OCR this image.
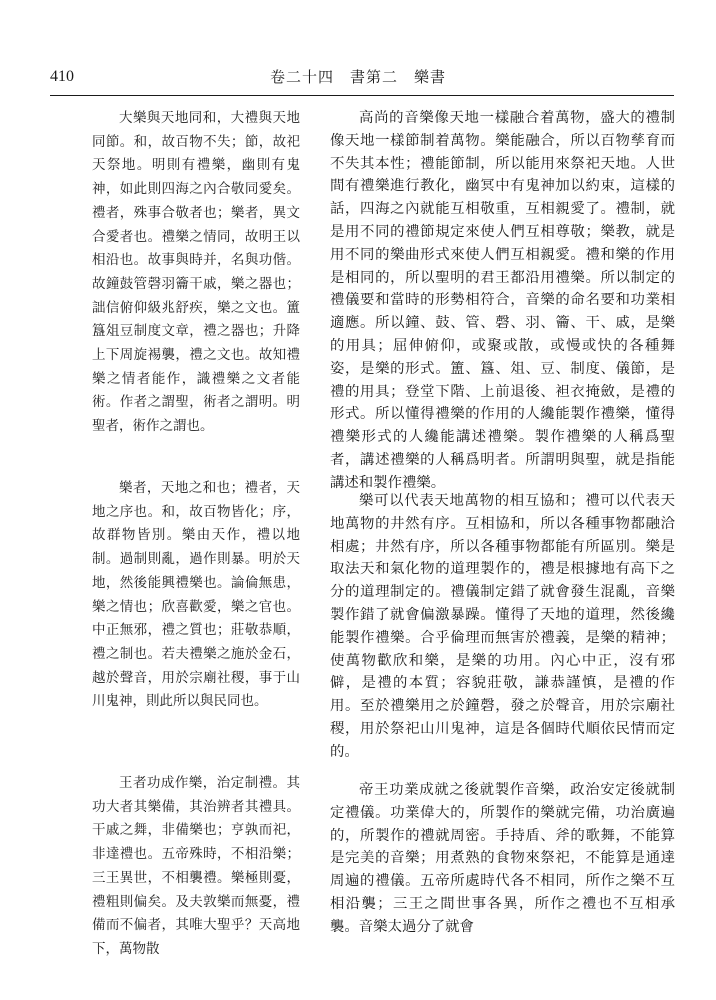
410	卷二十四　書第二　樂書

大樂與天地同和，大禮與天地同節。和，故百物不失；節，故祀天祭地。明則有禮樂，幽則有鬼神，如此則四海之內合敬同愛矣。禮者，殊事合敬者也；樂者，異文合愛者也。禮樂之情同，故明王以相沿也。故事與時并，名與功偕。故鐘鼓管磬羽籥干戚，樂之器也；詘信俯仰級兆舒疾，樂之文也。簠簋俎豆制度文章，禮之器也；升降上下周旋裼襲，禮之文也。故知禮樂之情者能作，識禮樂之文者能術。作者之謂聖，術者之謂明。明聖者，術作之謂也。

高尚的音樂像天地一樣融合着萬物，盛大的禮制像天地一樣節制着萬物。樂能融合，所以百物孳育而不失其本性；禮能節制，所以能用來祭祀天地。人世間有禮樂進行教化，幽冥中有鬼神加以約束，這樣的話，四海之內就能互相敬重，互相親愛了。禮制，就是用不同的禮節規定來使人們互相尊敬；樂教，就是用不同的樂曲形式來使人們互相親愛。禮和樂的作用是相同的，所以聖明的君王都沿用禮樂。所以制定的禮儀要和當時的形勢相符合，音樂的命名要和功業相適應。所以鐘、鼓、管、磬、羽、籥、干、戚，是樂的用具；屈伸俯仰，或聚或散，或慢或快的各種舞姿，是樂的形式。簠、簋、俎、豆、制度、儀節，是禮的用具；登堂下階、上前退後、袒衣掩斂，是禮的形式。所以懂得禮樂的作用的人纔能製作禮樂，懂得禮樂形式的人纔能講述禮樂。製作禮樂的人稱爲聖者，講述禮樂的人稱爲明者。所謂明與聖，就是指能講述和製作禮樂。

樂者，天地之和也；禮者，天地之序也。和，故百物皆化；序，故群物皆別。樂由天作，禮以地制。過制則亂，過作則暴。明於天地，然後能興禮樂也。論倫無患，樂之情也；欣喜歡愛，樂之官也。中正無邪，禮之質也；莊敬恭順，禮之制也。若夫禮樂之施於金石，越於聲音，用於宗廟社稷，事于山川鬼神，則此所以與民同也。

樂可以代表天地萬物的相互協和；禮可以代表天地萬物的井然有序。互相協和，所以各種事物都融洽相處；井然有序，所以各種事物都能有所區別。樂是取法天和氣化物的道理製作的，禮是根據地有高下之分的道理制定的。禮儀制定錯了就會發生混亂，音樂製作錯了就會偏激暴躁。懂得了天地的道理，然後纔能製作禮樂。合乎倫理而無害於禮義，是樂的精神；使萬物歡欣和樂，是樂的功用。內心中正，沒有邪僻，是禮的本質；容貌莊敬，謙恭謹慎，是禮的作用。至於禮樂用之於鐘磬，發之於聲音，用於宗廟社稷，用於祭祀山川鬼神，這是各個時代順依民情而定的。

王者功成作樂，治定制禮。其功大者其樂備，其治辨者其禮具。干戚之舞，非備樂也；亨孰而祀，非達禮也。五帝殊時，不相沿樂；三王異世，不相襲禮。樂極則憂，禮粗則偏矣。及夫敦樂而無憂，禮備而不偏者，其唯大聖乎？天高地下，萬物散

帝王功業成就之後就製作音樂，政治安定後就制定禮儀。功業偉大的，所製作的樂就完備，功治廣遍的，所製作的禮就周密。手持盾、斧的歌舞，不能算是完美的音樂；用煮熟的食物來祭祀，不能算是通達周遍的禮儀。五帝所處時代各不相同，所作之樂不互相沿襲；三王之間世事各異，所作之禮也不互相承襲。音樂太過分了就會
